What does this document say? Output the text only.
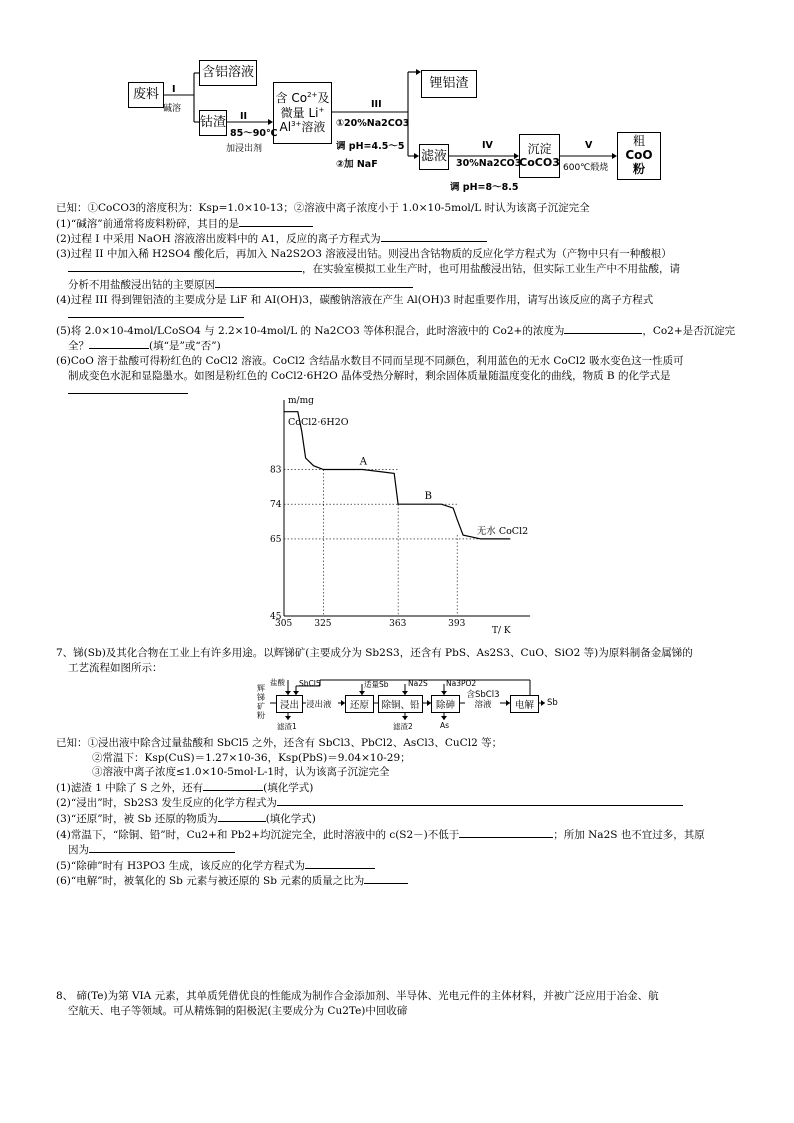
废料
含铝溶液
钴渣
含 $Co^{2+}$及
微量 Li+
$Al^{3+}$溶液
锂铝渣
滤液	沉淀
CoCO3
粗
CoO 粉
I
碱溶
II
85～90℃
加浸出剂
III
①20%Na2CO3
调 pH=4.5～5
②加 NaF
IV
30%Na2CO3
调 pH=8～8.5
V
600℃煅烧
已知：①CoCO3的溶度积为：Ksp=1.0×10-13；②溶液中离子浓度小于 1.0×10-5mol/L 时认为该离子沉淀完全
(1)“碱溶”前通常将废料粉碎，其目的是
(2)过程 I 中采用 NaOH 溶液溶出废料中的 A1，反应的离子方程式为
(3)过程 II 中加入稀 H2SO4 酸化后，再加入 Na2S2O3 溶液浸出钴。则浸出含钴物质的反应化学方程式为（产物中只有一种酸根）
，在实验室模拟工业生产时，也可用盐酸浸出钴，但实际工业生产中不用盐酸，请
分析不用盐酸浸出钴的主要原因
(4)过程 III 得到锂铝渣的主要成分是 LiF 和 AI(OH)3，碳酸钠溶液在产生 Al(OH)3 时起重要作用，请写出该反应的离子方程式
(5)将 2.0×10-4mol/LCoSO4 与 2.2×10-4mol/L 的 Na2CO3 等体积混合，此时溶液中的 Co2+的浓度为	，Co2+是否沉淀完
全？	(填“是”或“否”)
(6)CoO 溶于盐酸可得粉红色的 CoCl2 溶液。CoCl2 含结晶水数目不同而呈现不同颜色，利用蓝色的无水 CoCl2 吸水变色这一性质可
制成变色水泥和显隐墨水。如图是粉红色的 CoCl2·6H2O 晶体受热分解时，剩余固体质量随温度变化的曲线，物质 B 的化学式是
m/mg
T/ K
CoCl2·6H2O
A
B
无水 CoCl2
305 325	363	393
83
74
65
45
7、锑(Sb)及其化合物在工业上有许多用途。以辉锑矿(主要成分为 Sb2S3，还含有 PbS、As2S3、CuO、SiO2 等)为原料制备金属锑的
工艺流程如图所示：
辉锑矿粉
盐酸 SbCl5	适量Sb	Na2S Na3PO2
浸出 浸出液 还原 除铜、铅 除砷
含SbCl3溶液	电解 Sb
滤渣1	滤渣2	As
已知：①浸出液中除含过量盐酸和 SbCl5 之外，还含有 SbCl3、PbCl2、AsCl3、CuCl2 等；
②常温下：Ksp(CuS)＝1.27×10-36，Ksp(PbS)＝9.04×10-29；
③溶液中离子浓度≤1.0×10-5mol·L-1时，认为该离子沉淀完全
(1)滤渣 1 中除了 S 之外，还有	(填化学式)
(2)“浸出”时，Sb2S3 发生反应的化学方程式为
(3)“还原”时，被 Sb 还原的物质为	(填化学式)
(4)常温下，“除铜、铅”时，Cu2+和 Pb2+均沉淀完全，此时溶液中的 c(S2－)不低于	；所加 Na2S 也不宜过多，其原
因为
(5)“除砷”时有 H3PO3 生成，该反应的化学方程式为
(6)“电解”时，被氧化的 Sb 元素与被还原的 Sb 元素的质量之比为
8、 碲(Te)为第 VIA 元素，其单质凭借优良的性能成为制作合金添加剂、半导体、光电元件的主体材料，并被广泛应用于冶金、航
空航天、电子等领域。可从精炼铜的阳极泥(主要成分为 Cu2Te)中回收碲
